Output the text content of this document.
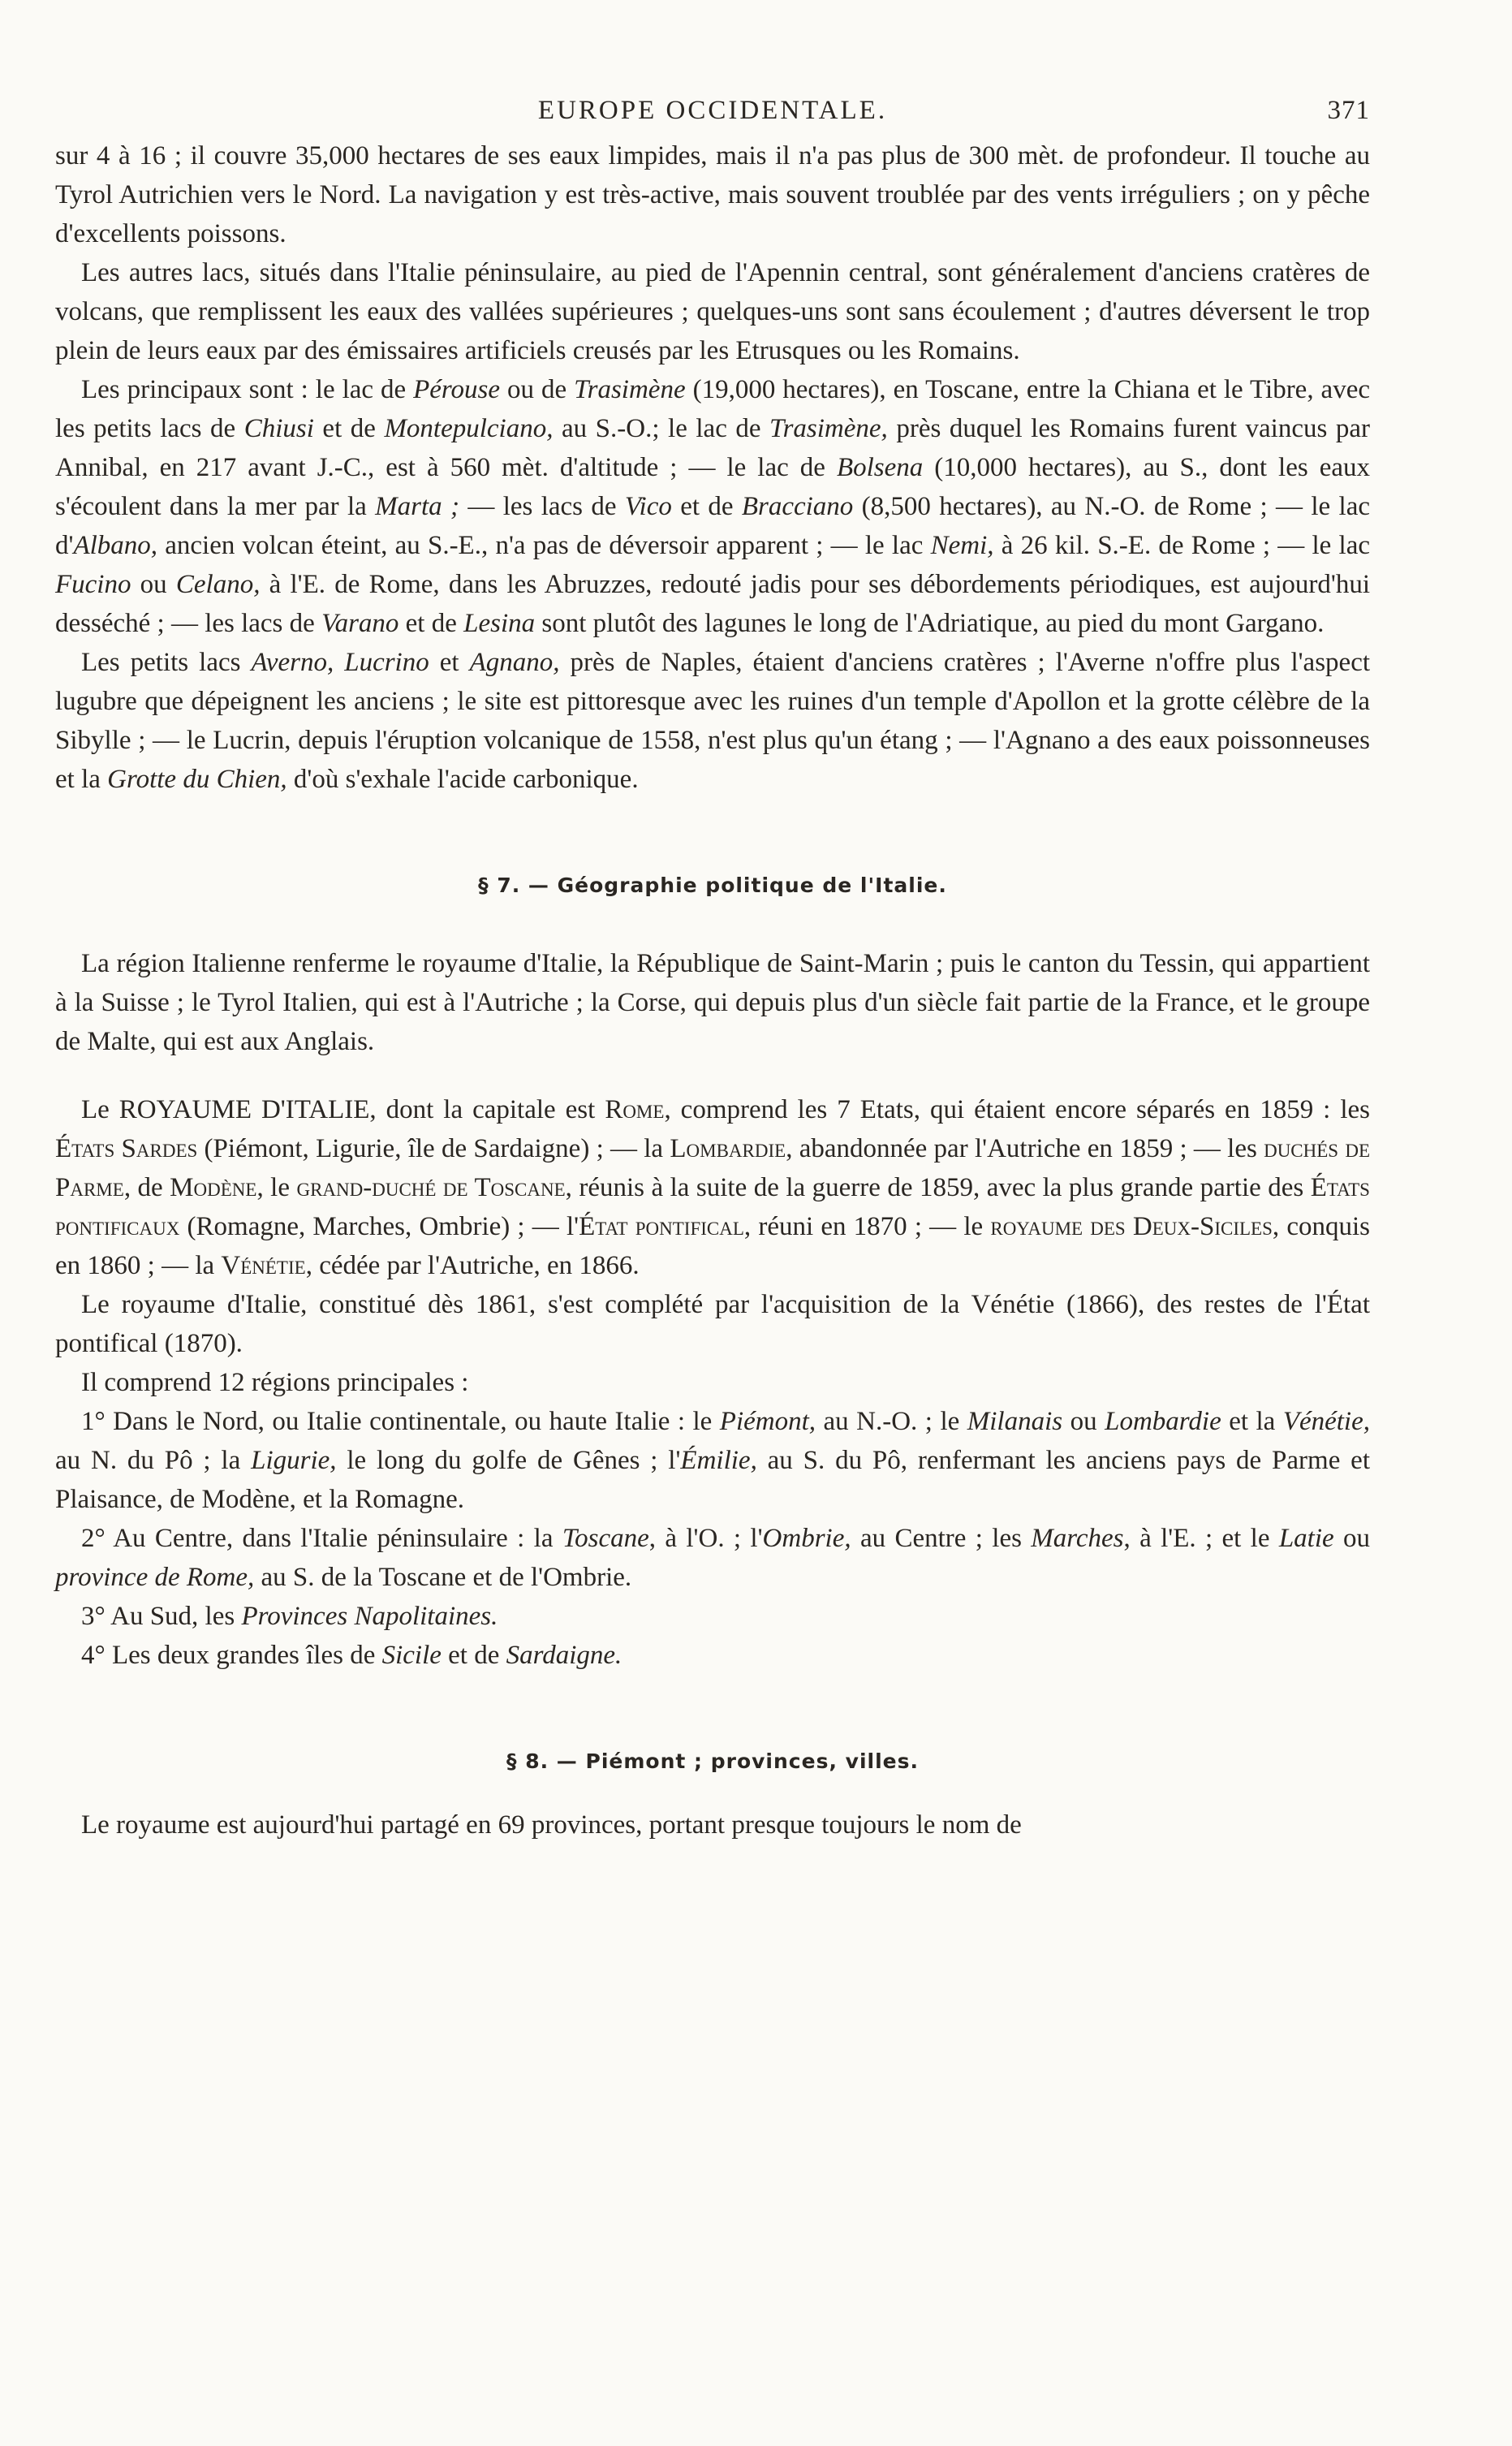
EUROPE OCCIDENTALE.	371

sur 4 à 16 ; il couvre 35,000 hectares de ses eaux limpides, mais il n'a pas plus de 300 mèt. de profondeur. Il touche au Tyrol Autrichien vers le Nord. La navigation y est très-active, mais souvent troublée par des vents irréguliers ; on y pêche d'excellents poissons.

Les autres lacs, situés dans l'Italie péninsulaire, au pied de l'Apennin central, sont généralement d'anciens cratères de volcans, que remplissent les eaux des vallées supérieures ; quelques-uns sont sans écoulement ; d'autres déversent le trop plein de leurs eaux par des émissaires artificiels creusés par les Etrusques ou les Romains.

Les principaux sont : le lac de Pérouse ou de Trasimène (19,000 hectares), en Toscane, entre la Chiana et le Tibre, avec les petits lacs de Chiusi et de Montepulciano, au S.-O.; le lac de Trasimène, près duquel les Romains furent vaincus par Annibal, en 217 avant J.-C., est à 560 mèt. d'altitude ; — le lac de Bolsena (10,000 hectares), au S., dont les eaux s'écoulent dans la mer par la Marta ; — les lacs de Vico et de Bracciano (8,500 hectares), au N.-O. de Rome ; — le lac d'Albano, ancien volcan éteint, au S.-E., n'a pas de déversoir apparent ; — le lac Nemi, à 26 kil. S.-E. de Rome ; — le lac Fucino ou Celano, à l'E. de Rome, dans les Abruzzes, redouté jadis pour ses débordements périodiques, est aujourd'hui desséché ; — les lacs de Varano et de Lesina sont plutôt des lagunes le long de l'Adriatique, au pied du mont Gargano.

Les petits lacs Averno, Lucrino et Agnano, près de Naples, étaient d'anciens cratères ; l'Averne n'offre plus l'aspect lugubre que dépeignent les anciens ; le site est pittoresque avec les ruines d'un temple d'Apollon et la grotte célèbre de la Sibylle ; — le Lucrin, depuis l'éruption volcanique de 1558, n'est plus qu'un étang ; — l'Agnano a des eaux poissonneuses et la Grotte du Chien, d'où s'exhale l'acide carbonique.

§ 7. — Géographie politique de l'Italie.

La région Italienne renferme le royaume d'Italie, la République de Saint-Marin ; puis le canton du Tessin, qui appartient à la Suisse ; le Tyrol Italien, qui est à l'Autriche ; la Corse, qui depuis plus d'un siècle fait partie de la France, et le groupe de Malte, qui est aux Anglais.

Le ROYAUME D'ITALIE, dont la capitale est Rome, comprend les 7 Etats, qui étaient encore séparés en 1859 : les États Sardes (Piémont, Ligurie, île de Sardaigne) ; — la Lombardie, abandonnée par l'Autriche en 1859 ; — les duchés de Parme, de Modène, le grand-duché de Toscane, réunis à la suite de la guerre de 1859, avec la plus grande partie des États pontificaux (Romagne, Marches, Ombrie) ; — l'État pontifical, réuni en 1870 ; — le royaume des Deux-Siciles, conquis en 1860 ; — la Vénétie, cédée par l'Autriche, en 1866.

Le royaume d'Italie, constitué dès 1861, s'est complété par l'acquisition de la Vénétie (1866), des restes de l'État pontifical (1870).

Il comprend 12 régions principales :

1° Dans le Nord, ou Italie continentale, ou haute Italie : le Piémont, au N.-O. ; le Milanais ou Lombardie et la Vénétie, au N. du Pô ; la Ligurie, le long du golfe de Gênes ; l'Émilie, au S. du Pô, renfermant les anciens pays de Parme et Plaisance, de Modène, et la Romagne.

2° Au Centre, dans l'Italie péninsulaire : la Toscane, à l'O. ; l'Ombrie, au Centre ; les Marches, à l'E. ; et le Latie ou province de Rome, au S. de la Toscane et de l'Ombrie.

3° Au Sud, les Provinces Napolitaines.

4° Les deux grandes îles de Sicile et de Sardaigne.

§ 8. — Piémont ; provinces, villes.

Le royaume est aujourd'hui partagé en 69 provinces, portant presque toujours le nom de
